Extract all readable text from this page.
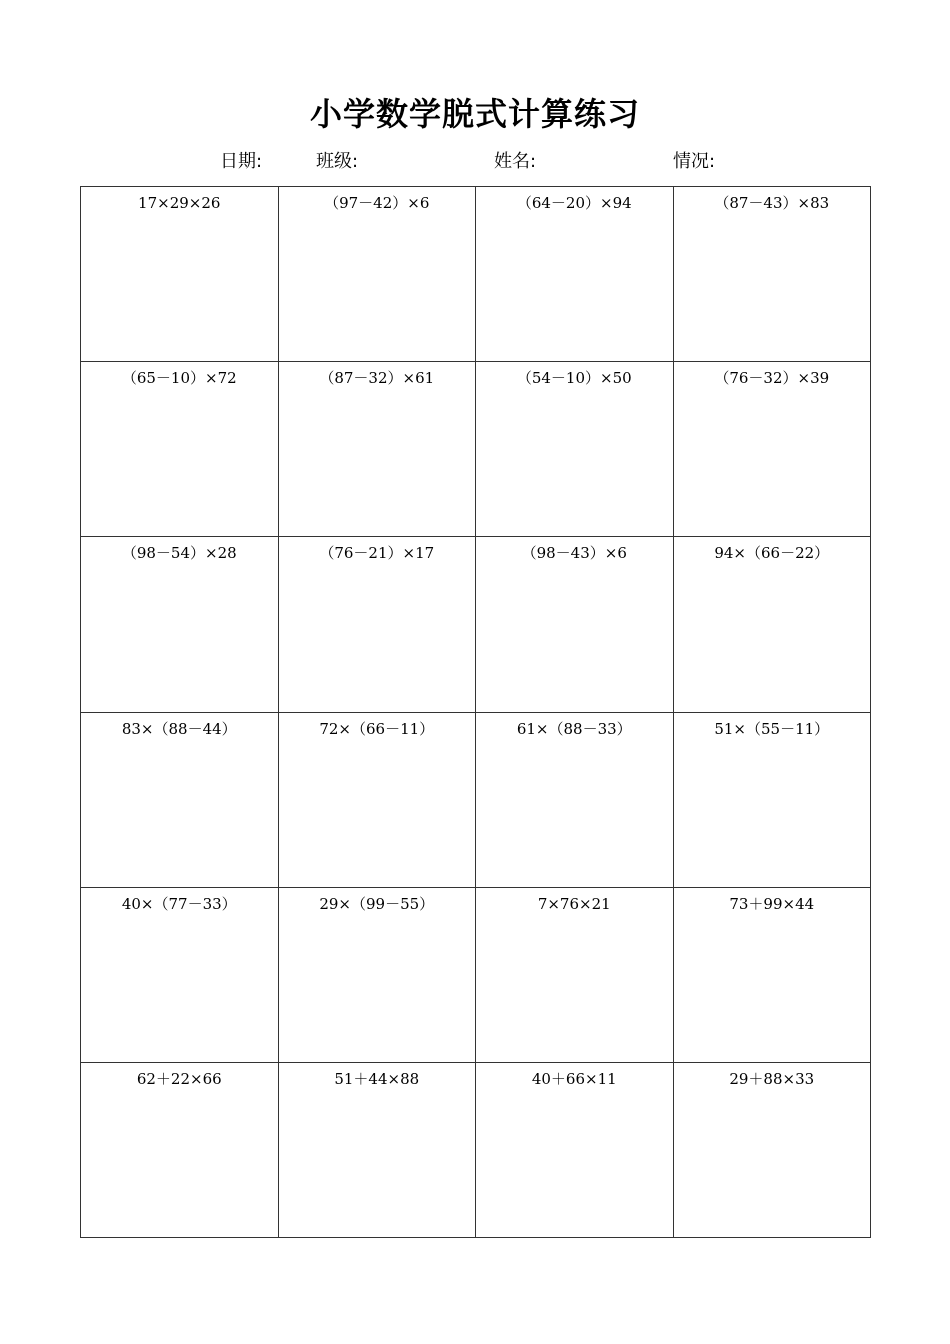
小学数学脱式计算练习
日期:	班级:	姓名:	情况:
17×29×26	（97－42）×6	（64－20）×94	（87－43）×83
（65－10）×72	（87－32）×61	（54－10）×50	（76－32）×39
（98－54）×28	（76－21）×17	（98－43）×6	94×（66－22）
83×（88－44）	72×（66－11）	61×（88－33）	51×（55－11）
40×（77－33）	29×（99－55）	7×76×21	73＋99×44
62＋22×66	51＋44×88	40＋66×11	29＋88×33
